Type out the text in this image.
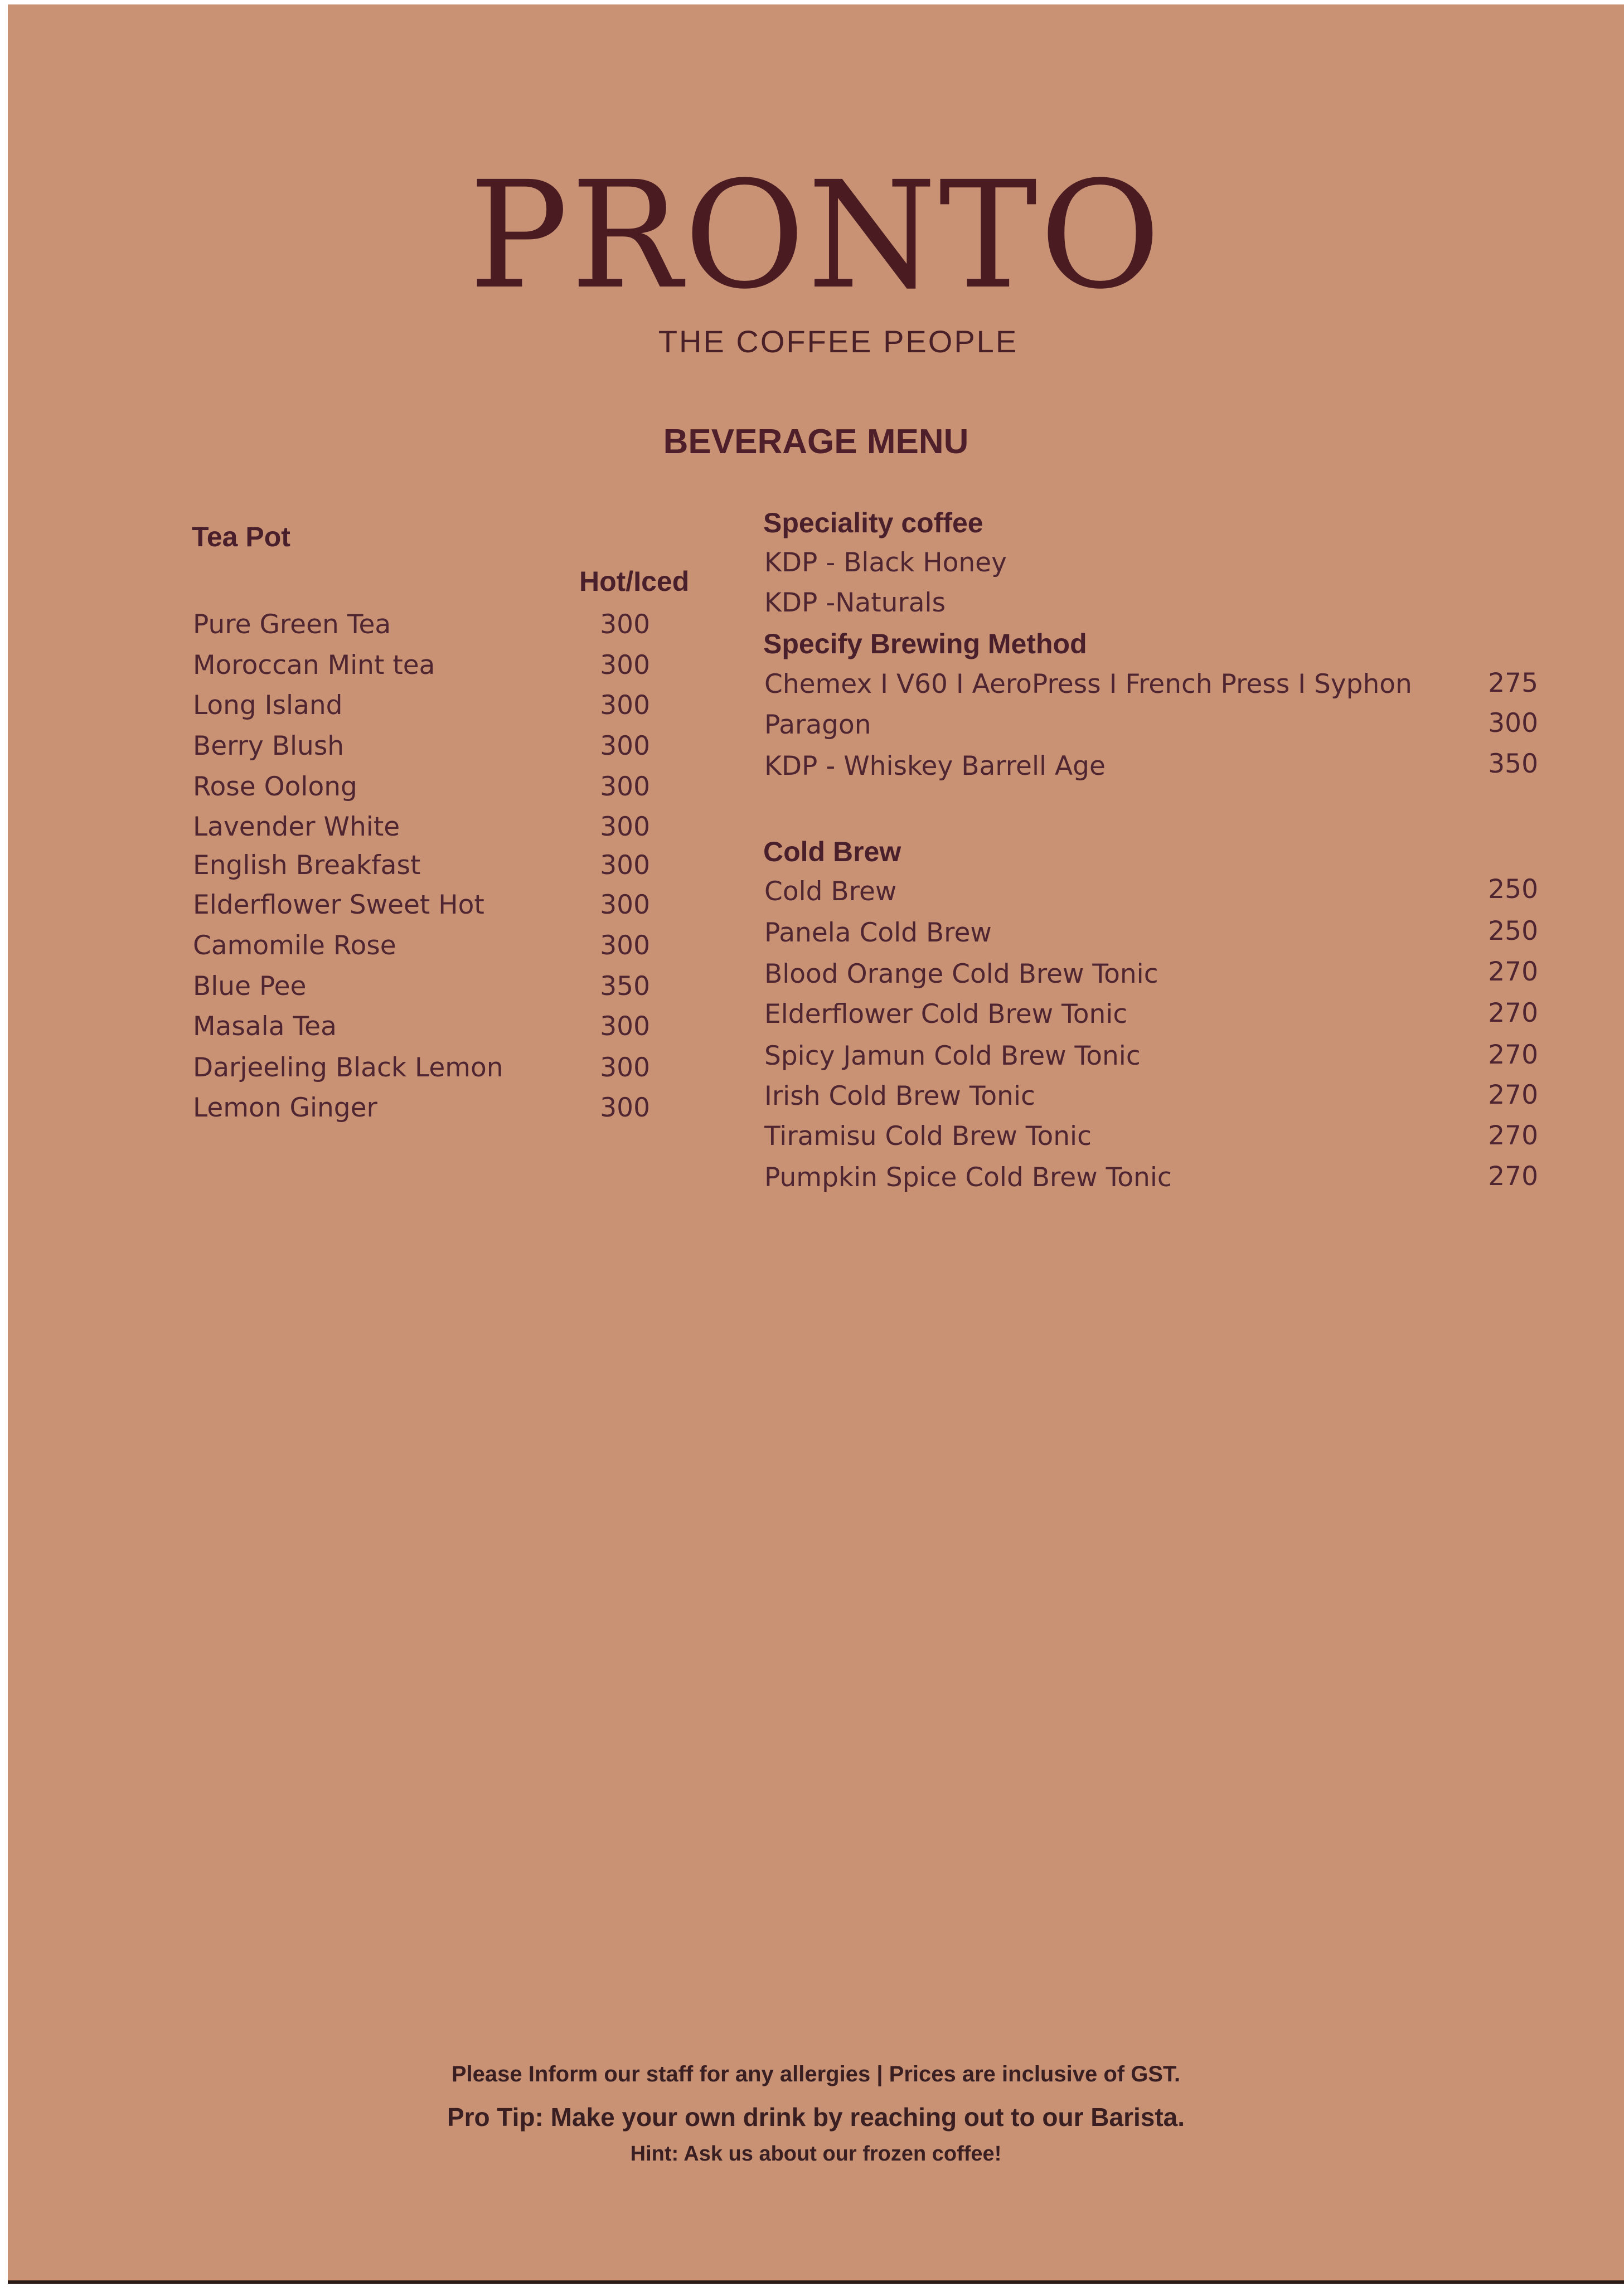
PRONTO
THE COFFEE PEOPLE
BEVERAGE MENU
Tea Pot
Hot/Iced
Pure Green Tea	300
Moroccan Mint tea	300
Long Island	300
Berry Blush	300
Rose Oolong	300
Lavender White	300
English Breakfast	300
Elderflower Sweet Hot	300
Camomile Rose	300
Blue Pee	350
Masala Tea	300
Darjeeling Black Lemon	300
Lemon Ginger	300
Speciality coffee
KDP - Black Honey
KDP -Naturals
Specify Brewing Method
Chemex I V60 I AeroPress I French Press I Syphon	275
Paragon	300
KDP - Whiskey Barrell Age	350
Cold Brew
Cold Brew	250
Panela Cold Brew	250
Blood Orange Cold Brew Tonic	270
Elderflower Cold Brew Tonic	270
Spicy Jamun Cold Brew Tonic	270
Irish Cold Brew Tonic	270
Tiramisu Cold Brew Tonic	270
Pumpkin Spice Cold Brew Tonic	270
Please Inform our staff for any allergies | Prices are inclusive of GST.
Pro Tip: Make your own drink by reaching out to our Barista.
Hint: Ask us about our frozen coffee!
